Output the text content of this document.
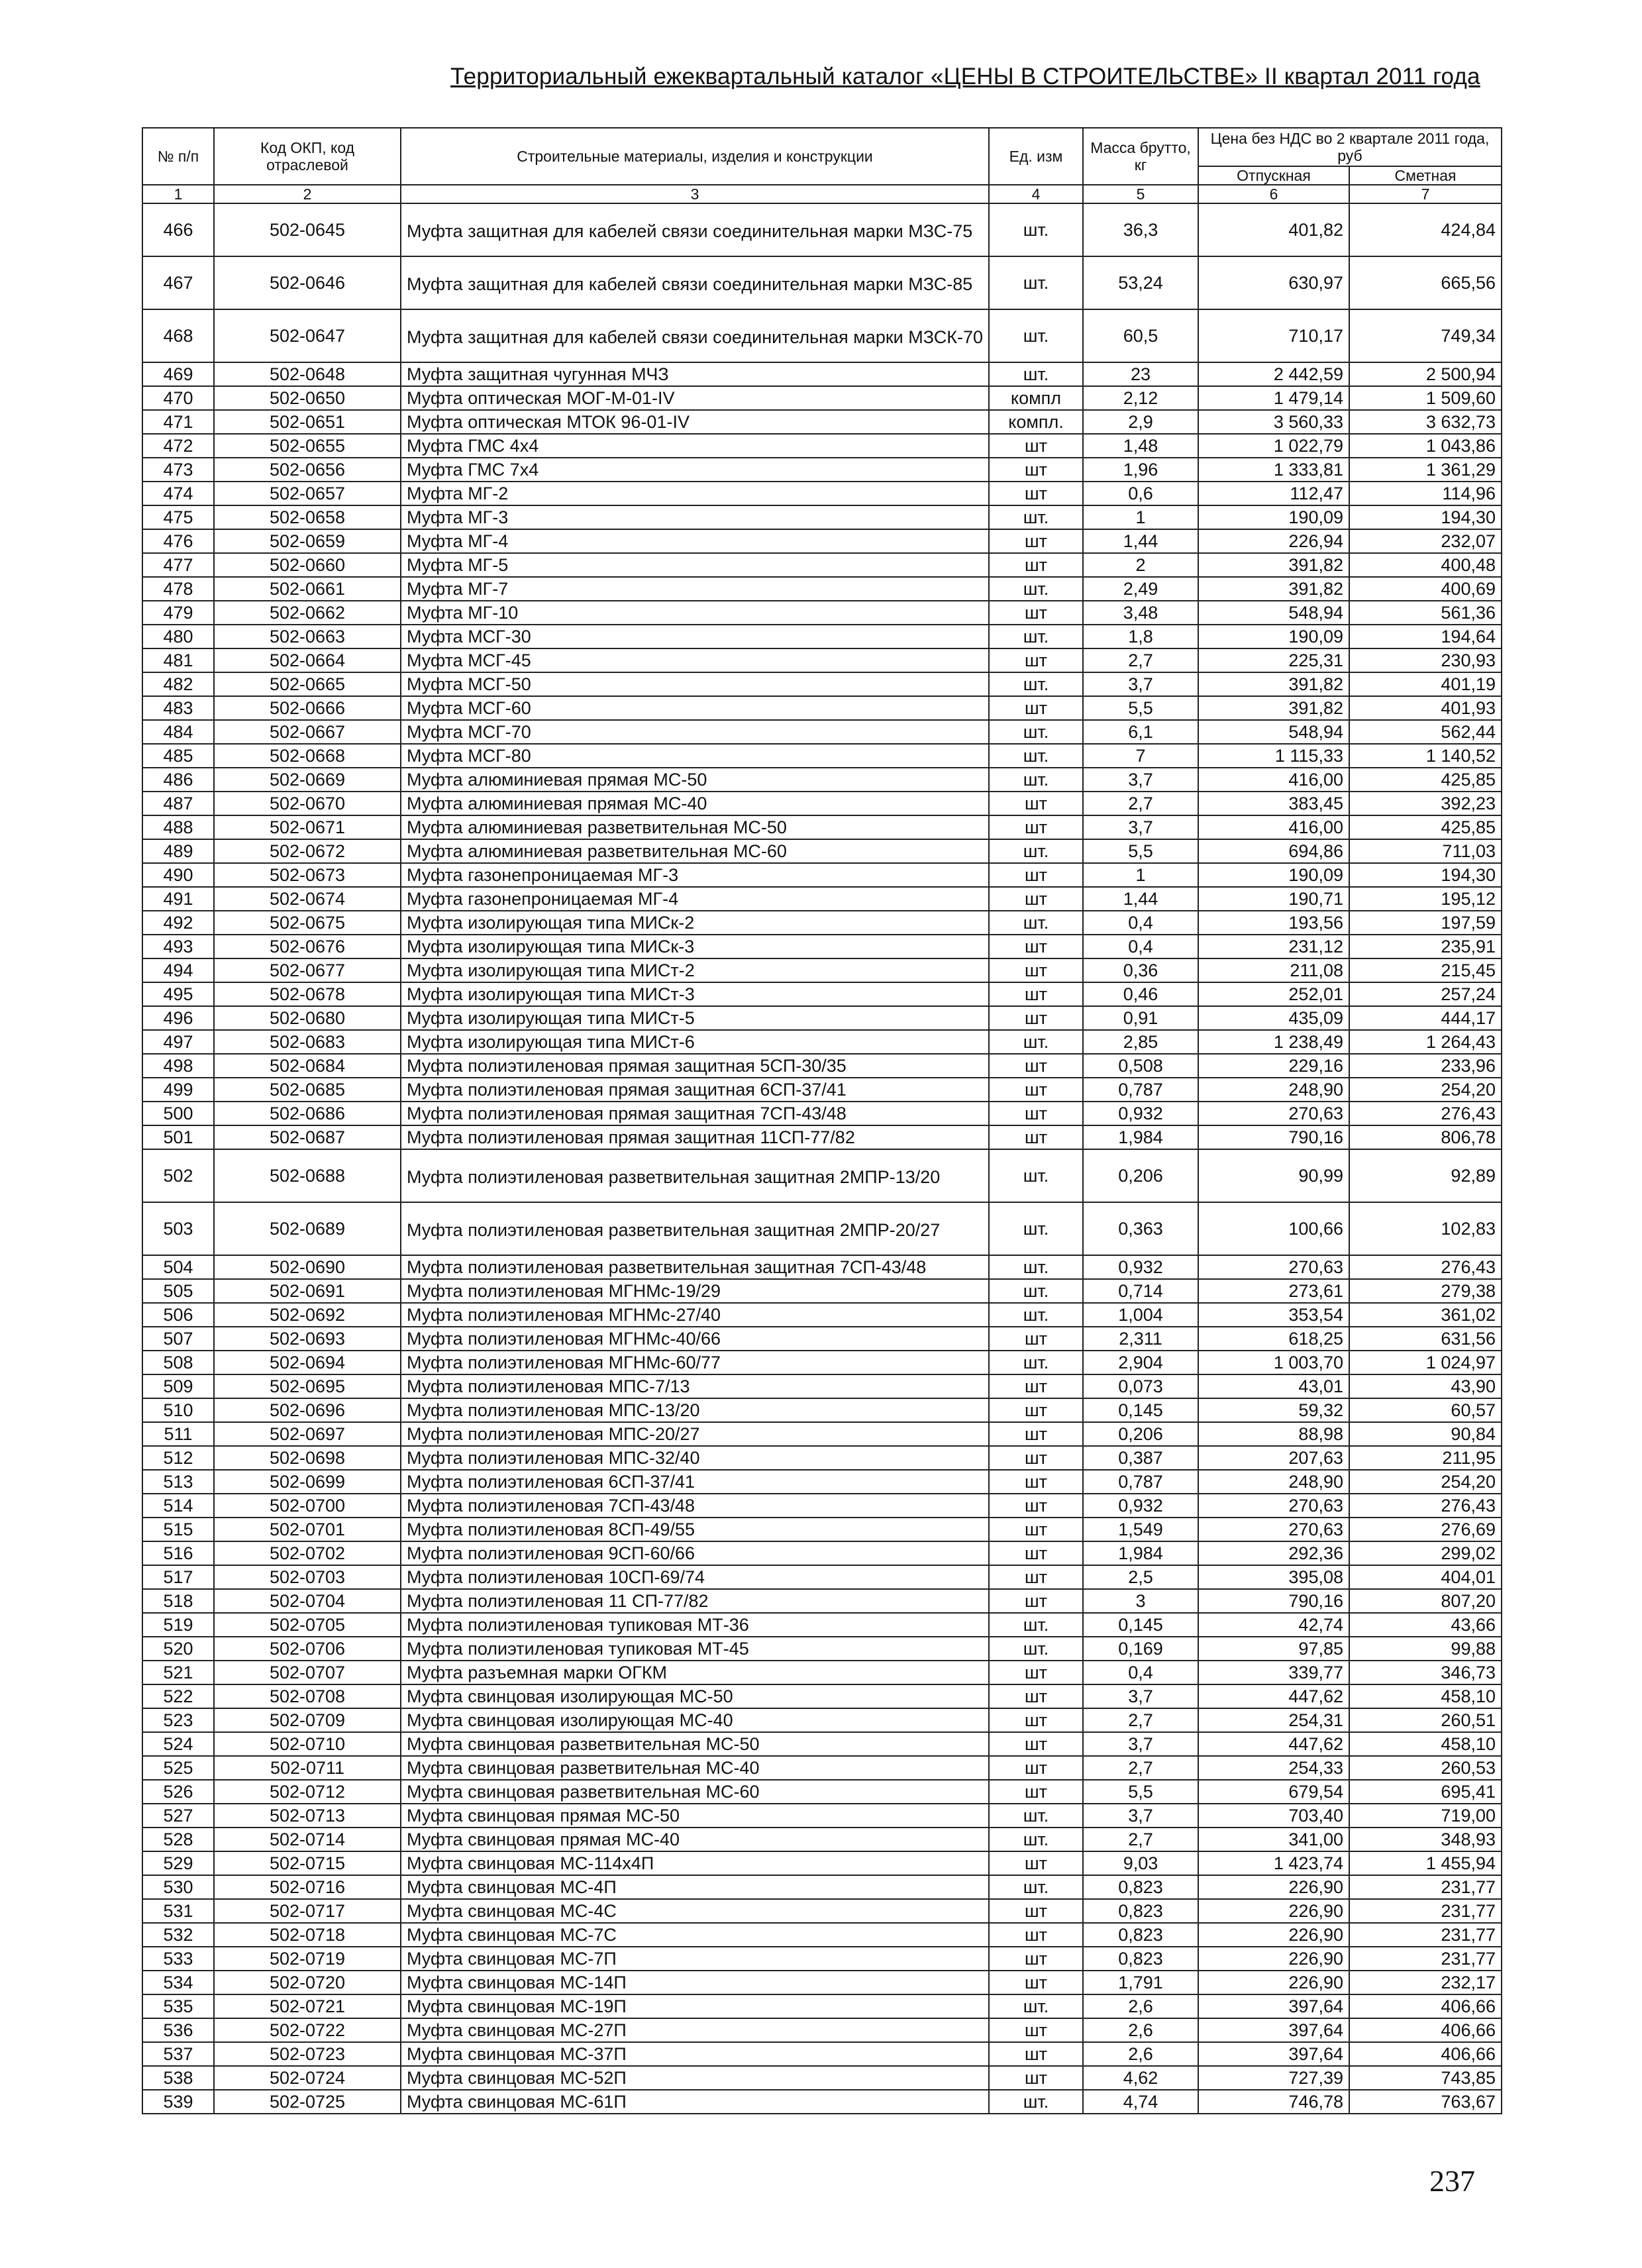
Территориальный ежеквартальный каталог «ЦЕНЫ В СТРОИТЕЛЬСТВЕ» II квартал 2011 года
№ п/п	Код ОКП, код отраслевой	Строительные материалы, изделия и конструкции	Ед. изм	Масса брутто, кг	Цена без НДС во 2 квартале 2011 года, руб	
					Отпускная	Сметная
1	2	3	4	5	6	7
466	502-0645	Муфта защитная для кабелей связи соединительная марки МЗС-75	шт.	36,3	401,82	424,84
467	502-0646	Муфта защитная для кабелей связи соединительная марки МЗС-85	шт.	53,24	630,97	665,56
468	502-0647	Муфта защитная для кабелей связи соединительная марки МЗСК-70	шт.	60,5	710,17	749,34
469	502-0648	Муфта защитная чугунная МЧЗ	шт.	23	2 442,59	2 500,94
470	502-0650	Муфта оптическая МОГ-М-01-IV	компл	2,12	1 479,14	1 509,60
471	502-0651	Муфта оптическая МТОК 96-01-IV	компл.	2,9	3 560,33	3 632,73
472	502-0655	Муфта ГМС 4х4	шт	1,48	1 022,79	1 043,86
473	502-0656	Муфта ГМС 7х4	шт	1,96	1 333,81	1 361,29
474	502-0657	Муфта МГ-2	шт	0,6	112,47	114,96
475	502-0658	Муфта МГ-3	шт.	1	190,09	194,30
476	502-0659	Муфта МГ-4	шт	1,44	226,94	232,07
477	502-0660	Муфта МГ-5	шт	2	391,82	400,48
478	502-0661	Муфта МГ-7	шт.	2,49	391,82	400,69
479	502-0662	Муфта МГ-10	шт	3,48	548,94	561,36
480	502-0663	Муфта МСГ-30	шт.	1,8	190,09	194,64
481	502-0664	Муфта МСГ-45	шт	2,7	225,31	230,93
482	502-0665	Муфта МСГ-50	шт.	3,7	391,82	401,19
483	502-0666	Муфта МСГ-60	шт	5,5	391,82	401,93
484	502-0667	Муфта МСГ-70	шт.	6,1	548,94	562,44
485	502-0668	Муфта МСГ-80	шт.	7	1 115,33	1 140,52
486	502-0669	Муфта алюминиевая прямая МС-50	шт.	3,7	416,00	425,85
487	502-0670	Муфта алюминиевая прямая МС-40	шт	2,7	383,45	392,23
488	502-0671	Муфта алюминиевая разветвительная МС-50	шт	3,7	416,00	425,85
489	502-0672	Муфта алюминиевая разветвительная МС-60	шт.	5,5	694,86	711,03
490	502-0673	Муфта газонепроницаемая МГ-3	шт	1	190,09	194,30
491	502-0674	Муфта газонепроницаемая МГ-4	шт	1,44	190,71	195,12
492	502-0675	Муфта изолирующая типа МИСк-2	шт.	0,4	193,56	197,59
493	502-0676	Муфта изолирующая типа МИСк-3	шт	0,4	231,12	235,91
494	502-0677	Муфта изолирующая типа МИСт-2	шт	0,36	211,08	215,45
495	502-0678	Муфта изолирующая типа МИСт-3	шт	0,46	252,01	257,24
496	502-0680	Муфта изолирующая типа МИСт-5	шт	0,91	435,09	444,17
497	502-0683	Муфта изолирующая типа МИСт-6	шт.	2,85	1 238,49	1 264,43
498	502-0684	Муфта полиэтиленовая прямая защитная 5СП-30/35	шт	0,508	229,16	233,96
499	502-0685	Муфта полиэтиленовая прямая защитная 6СП-37/41	шт	0,787	248,90	254,20
500	502-0686	Муфта полиэтиленовая прямая защитная 7СП-43/48	шт	0,932	270,63	276,43
501	502-0687	Муфта полиэтиленовая прямая защитная 11СП-77/82	шт	1,984	790,16	806,78
502	502-0688	Муфта полиэтиленовая разветвительная защитная 2МПР-13/20	шт.	0,206	90,99	92,89
503	502-0689	Муфта полиэтиленовая разветвительная защитная 2МПР-20/27	шт.	0,363	100,66	102,83
504	502-0690	Муфта полиэтиленовая разветвительная защитная 7СП-43/48	шт.	0,932	270,63	276,43
505	502-0691	Муфта полиэтиленовая МГНМс-19/29	шт.	0,714	273,61	279,38
506	502-0692	Муфта полиэтиленовая МГНМс-27/40	шт.	1,004	353,54	361,02
507	502-0693	Муфта полиэтиленовая МГНМс-40/66	шт	2,311	618,25	631,56
508	502-0694	Муфта полиэтиленовая МГНМс-60/77	шт.	2,904	1 003,70	1 024,97
509	502-0695	Муфта полиэтиленовая МПС-7/13	шт	0,073	43,01	43,90
510	502-0696	Муфта полиэтиленовая МПС-13/20	шт	0,145	59,32	60,57
511	502-0697	Муфта полиэтиленовая МПС-20/27	шт	0,206	88,98	90,84
512	502-0698	Муфта полиэтиленовая МПС-32/40	шт	0,387	207,63	211,95
513	502-0699	Муфта полиэтиленовая 6СП-37/41	шт	0,787	248,90	254,20
514	502-0700	Муфта полиэтиленовая 7СП-43/48	шт	0,932	270,63	276,43
515	502-0701	Муфта полиэтиленовая 8СП-49/55	шт	1,549	270,63	276,69
516	502-0702	Муфта полиэтиленовая 9СП-60/66	шт	1,984	292,36	299,02
517	502-0703	Муфта полиэтиленовая 10СП-69/74	шт	2,5	395,08	404,01
518	502-0704	Муфта полиэтиленовая 11 СП-77/82	шт	3	790,16	807,20
519	502-0705	Муфта полиэтиленовая тупиковая МТ-36	шт.	0,145	42,74	43,66
520	502-0706	Муфта полиэтиленовая тупиковая МТ-45	шт.	0,169	97,85	99,88
521	502-0707	Муфта разъемная марки ОГКМ	шт	0,4	339,77	346,73
522	502-0708	Муфта свинцовая изолирующая МС-50	шт	3,7	447,62	458,10
523	502-0709	Муфта свинцовая изолирующая МС-40	шт	2,7	254,31	260,51
524	502-0710	Муфта свинцовая разветвительная МС-50	шт	3,7	447,62	458,10
525	502-0711	Муфта свинцовая разветвительная МС-40	шт	2,7	254,33	260,53
526	502-0712	Муфта свинцовая разветвительная МС-60	шт	5,5	679,54	695,41
527	502-0713	Муфта свинцовая прямая МС-50	шт.	3,7	703,40	719,00
528	502-0714	Муфта свинцовая прямая МС-40	шт.	2,7	341,00	348,93
529	502-0715	Муфта свинцовая МС-114х4П	шт	9,03	1 423,74	1 455,94
530	502-0716	Муфта свинцовая МС-4П	шт.	0,823	226,90	231,77
531	502-0717	Муфта свинцовая МС-4С	шт	0,823	226,90	231,77
532	502-0718	Муфта свинцовая МС-7С	шт	0,823	226,90	231,77
533	502-0719	Муфта свинцовая МС-7П	шт	0,823	226,90	231,77
534	502-0720	Муфта свинцовая МС-14П	шт	1,791	226,90	232,17
535	502-0721	Муфта свинцовая МС-19П	шт.	2,6	397,64	406,66
536	502-0722	Муфта свинцовая МС-27П	шт	2,6	397,64	406,66
537	502-0723	Муфта свинцовая МС-37П	шт	2,6	397,64	406,66
538	502-0724	Муфта свинцовая МС-52П	шт	4,62	727,39	743,85
539	502-0725	Муфта свинцовая МС-61П	шт.	4,74	746,78	763,67
237
